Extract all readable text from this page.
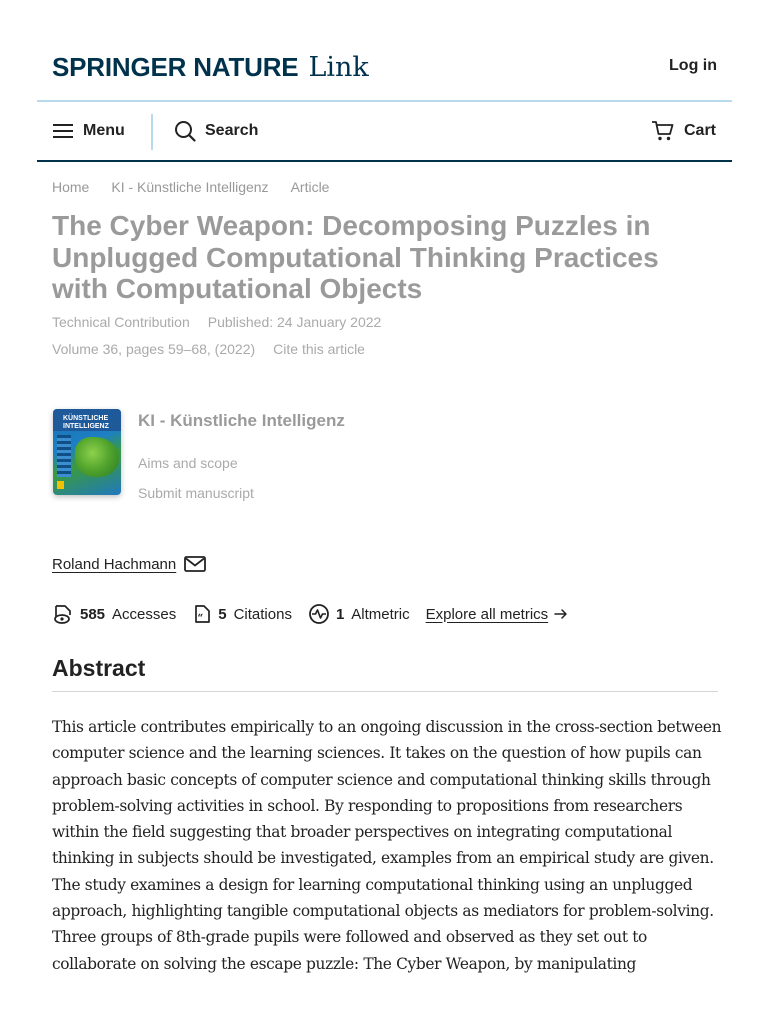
SPRINGER NATURE Link	Log in
Menu	Search	Cart
Home KI - Künstliche Intelligenz Article
The Cyber Weapon: Decomposing Puzzles in Unplugged Computational Thinking Practices with Computational Objects
Technical Contribution Published: 24 January 2022
Volume 36, pages 59–68, (2022) Cite this article
KÜNSTLICHE INTELLIGENZ	KI - Künstliche Intelligenz
Aims and scope
Submit manuscript
Roland Hachmann
585 Accesses “ 5 Citations	1 Altmetric Explore all metrics
Abstract
This article contributes empirically to an ongoing discussion in the cross-section between
computer science and the learning sciences. It takes on the question of how pupils can
approach basic concepts of computer science and computational thinking skills through
problem-solving activities in school. By responding to propositions from researchers
within the field suggesting that broader perspectives on integrating computational
thinking in subjects should be investigated, examples from an empirical study are given.
The study examines a design for learning computational thinking using an unplugged
approach, highlighting tangible computational objects as mediators for problem-solving.
Three groups of 8th-grade pupils were followed and observed as they set out to
collaborate on solving the escape puzzle: The Cyber Weapon, by manipulating
